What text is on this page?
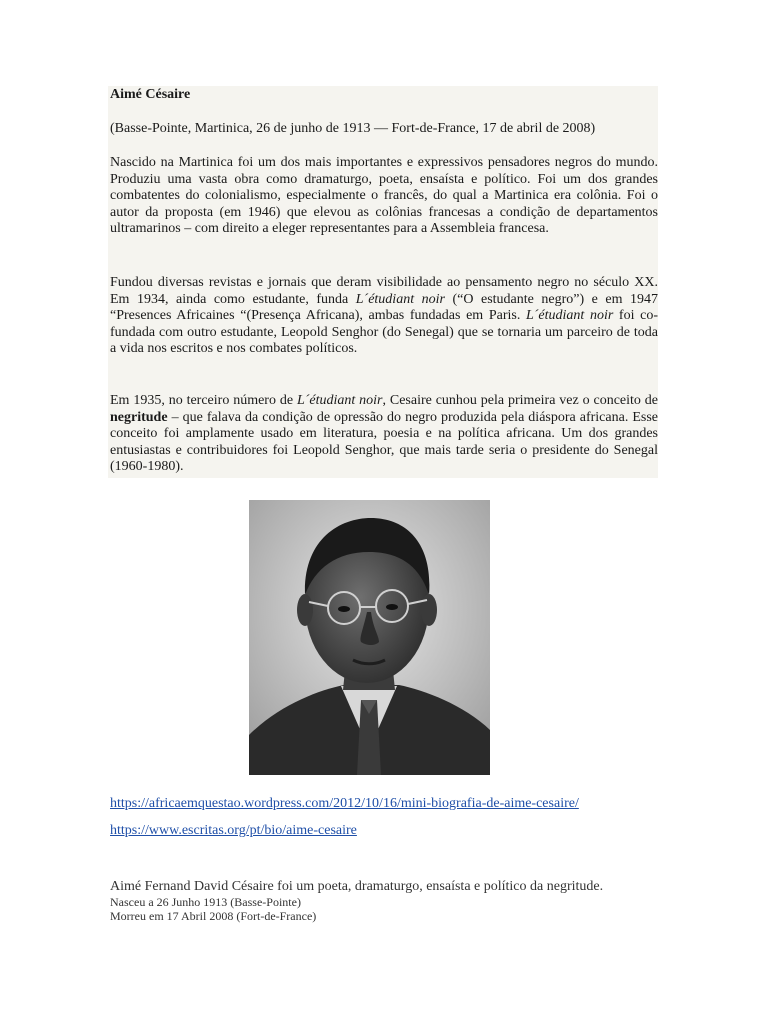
Aimé Césaire

(Basse-Pointe, Martinica, 26 de junho de 1913 — Fort-de-France, 17 de abril de 2008)

Nascido na Martinica foi um dos mais importantes e expressivos pensadores negros do mundo. Produziu uma vasta obra como dramaturgo, poeta, ensaísta e político. Foi um dos grandes combatentes do colonialismo, especialmente o francês, do qual a Martinica era colônia. Foi o autor da proposta (em 1946) que elevou as colônias francesas a condição de departamentos ultramarinos – com direito a eleger representantes para a Assembleia francesa.

Fundou diversas revistas e jornais que deram visibilidade ao pensamento negro no século XX. Em 1934, ainda como estudante, funda L´étudiant noir (“O estudante negro”) e em 1947 “Presences Africaines “(Presença Africana), ambas fundadas em Paris. L´étudiant noir foi co-fundada com outro estudante, Leopold Senghor (do Senegal) que se tornaria um parceiro de toda a vida nos escritos e nos combates políticos.

Em 1935, no terceiro número de L´étudiant noir, Cesaire cunhou pela primeira vez o conceito de negritude – que falava da condição de opressão do negro produzida pela diáspora africana. Esse conceito foi amplamente usado em literatura, poesia e na política africana. Um dos grandes entusiastas e contribuidores foi Leopold Senghor, que mais tarde seria o presidente do Senegal (1960-1980).

https://africaemquestao.wordpress.com/2012/10/16/mini-biografia-de-aime-cesaire/
https://www.escritas.org/pt/bio/aime-cesaire
Aimé Fernand David Césaire foi um poeta, dramaturgo, ensaísta e político da negritude.
Nasceu a 26 Junho 1913 (Basse-Pointe)
Morreu em 17 Abril 2008 (Fort-de-France)
